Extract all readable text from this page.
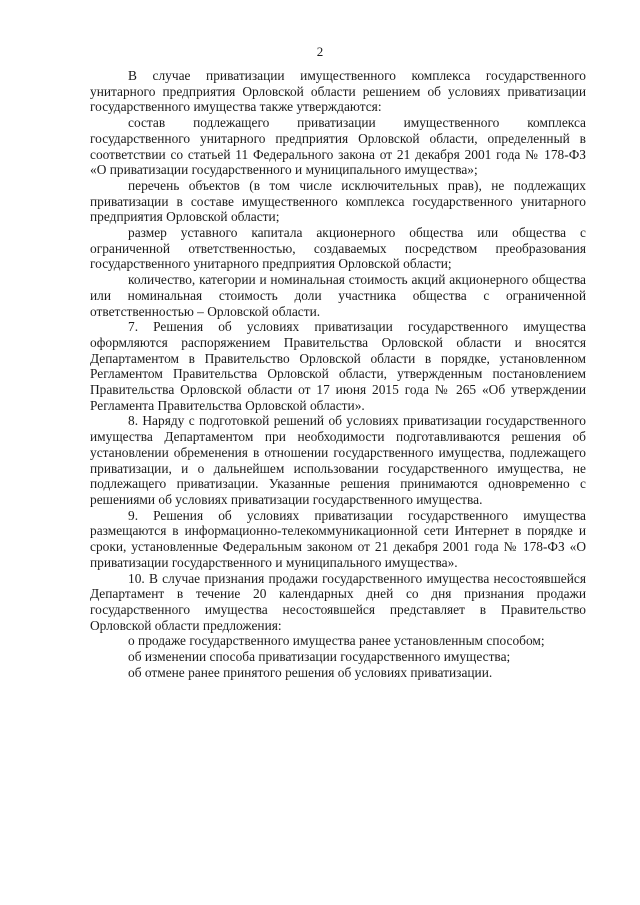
2

В случае приватизации имущественного комплекса государственного унитарного предприятия Орловской области решением об условиях приватизации государственного имущества также утверждаются:

состав подлежащего приватизации имущественного комплекса государственного унитарного предприятия Орловской области, определенный в соответствии со статьей 11 Федерального закона от 21 декабря 2001 года № 178-ФЗ «О приватизации государственного и муниципального имущества»;

перечень объектов (в том числе исключительных прав), не подлежащих приватизации в составе имущественного комплекса государственного унитарного предприятия Орловской области;

размер уставного капитала акционерного общества или общества с ограниченной ответственностью, создаваемых посредством преобразования государственного унитарного предприятия Орловской области;

количество, категории и номинальная стоимость акций акционерного общества или номинальная стоимость доли участника общества с ограниченной ответственностью – Орловской области.

7. Решения об условиях приватизации государственного имущества оформляются распоряжением Правительства Орловской области и вносятся Департаментом в Правительство Орловской области в порядке, установленном Регламентом Правительства Орловской области, утвержденным постановлением Правительства Орловской области от 17 июня 2015 года № 265 «Об утверждении Регламента Правительства Орловской области».

8. Наряду с подготовкой решений об условиях приватизации государственного имущества Департаментом при необходимости подготавливаются решения об установлении обременения в отношении государственного имущества, подлежащего приватизации, и о дальнейшем использовании государственного имущества, не подлежащего приватизации. Указанные решения принимаются одновременно с решениями об условиях приватизации государственного имущества.

9. Решения об условиях приватизации государственного имущества размещаются в информационно-телекоммуникационной сети Интернет в порядке и сроки, установленные Федеральным законом от 21 декабря 2001 года № 178-ФЗ «О приватизации государственного и муниципального имущества».

10. В случае признания продажи государственного имущества несостоявшейся Департамент в течение 20 календарных дней со дня признания продажи государственного имущества несостоявшейся представляет в Правительство Орловской области предложения:

о продаже государственного имущества ранее установленным способом;

об изменении способа приватизации государственного имущества;

об отмене ранее принятого решения об условиях приватизации.
